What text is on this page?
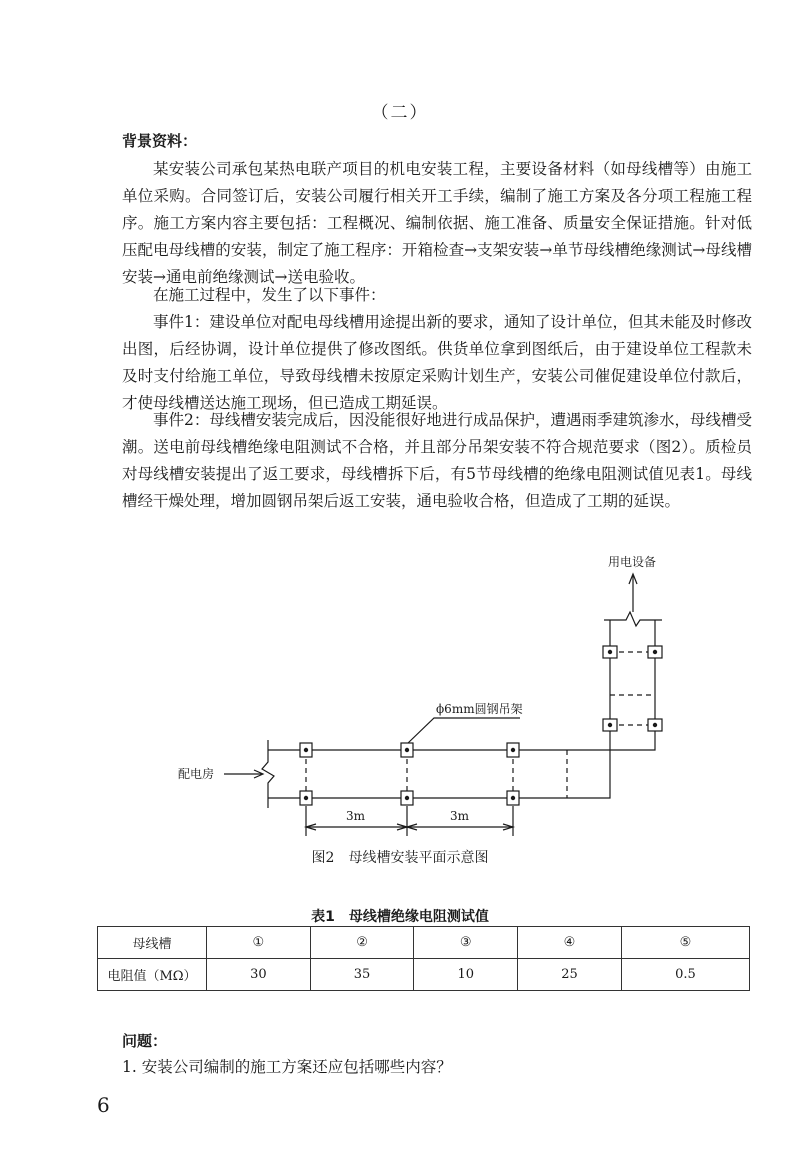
（二）
背景资料：

某安装公司承包某热电联产项目的机电安装工程，主要设备材料（如母线槽等）由施工单位采购。合同签订后，安装公司履行相关开工手续，编制了施工方案及各分项工程施工程序。施工方案内容主要包括：工程概况、编制依据、施工准备、质量安全保证措施。针对低压配电母线槽的安装，制定了施工程序：开箱检查→支架安装→单节母线槽绝缘测试→母线槽安装→通电前绝缘测试→送电验收。

在施工过程中，发生了以下事件：

事件1：建设单位对配电母线槽用途提出新的要求，通知了设计单位，但其未能及时修改出图，后经协调，设计单位提供了修改图纸。供货单位拿到图纸后，由于建设单位工程款未及时支付给施工单位，导致母线槽未按原定采购计划生产，安装公司催促建设单位付款后，才使母线槽送达施工现场，但已造成工期延误。

事件2：母线槽安装完成后，因没能很好地进行成品保护，遭遇雨季建筑渗水，母线槽受潮。送电前母线槽绝缘电阻测试不合格，并且部分吊架安装不符合规范要求（图2）。质检员对母线槽安装提出了返工要求，母线槽拆下后，有5节母线槽的绝缘电阻测试值见表1。母线槽经干燥处理，增加圆钢吊架后返工安装，通电验收合格，但造成了工期的延误。

用电设备
ϕ6mm圆钢吊架
配电房
3m	3m
图2　母线槽安装平面示意图
表1　母线槽绝缘电阻测试值
母线槽	①	②	③	④	⑤
电阻值（MΩ）	30	35	10	25	0.5
问题：
1. 安装公司编制的施工方案还应包括哪些内容？
6
